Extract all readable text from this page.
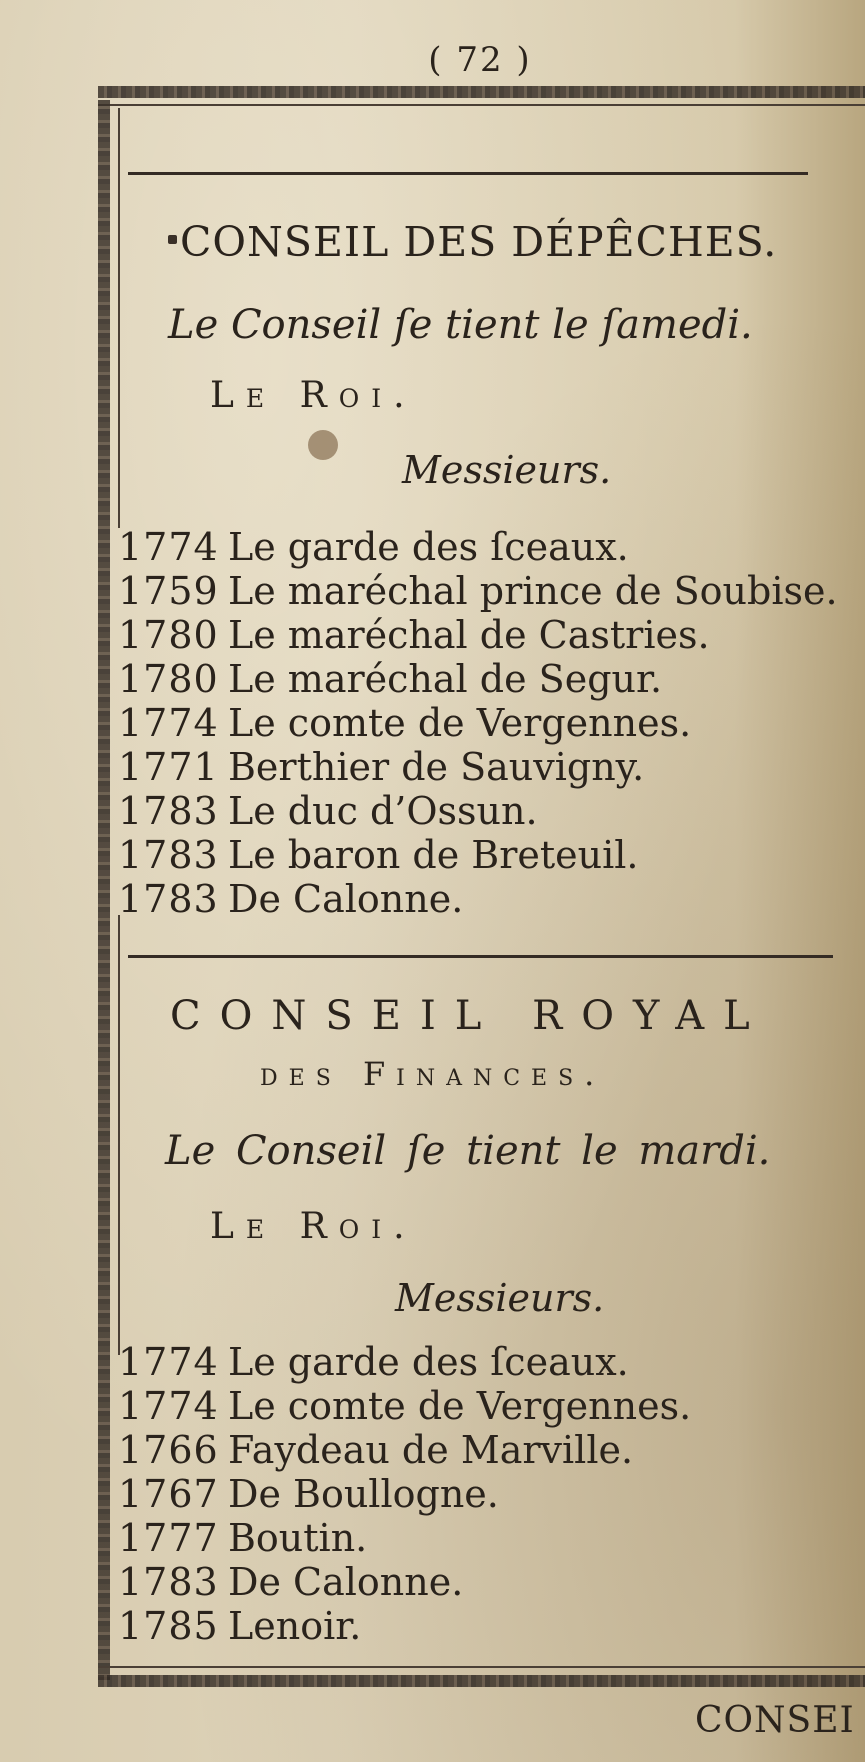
( 72 )
CONSEIL DES DÉPÊCHES.
Le Conseil ſe tient le ſamedi.
Le Roi.
Messieurs.
1774 Le garde des ſceaux.
1759 Le maréchal prince de Soubise.
1780 Le maréchal de Castries.
1780 Le maréchal de Segur.
1774 Le comte de Vergennes.
1771 Berthier de Sauvigny.
1783 Le duc d’Ossun.
1783 Le baron de Breteuil.
1783 De Calonne.
CONSEIL ROYAL
des Finances.
Le Conseil ſe tient le mardi.
Le Roi.
Messieurs.
1774 Le garde des ſceaux.
1774 Le comte de Vergennes.
1766 Faydeau de Marville.
1767 De Boullogne.
1777 Boutin.
1783 De Calonne.
1785 Lenoir.
CONSEI
